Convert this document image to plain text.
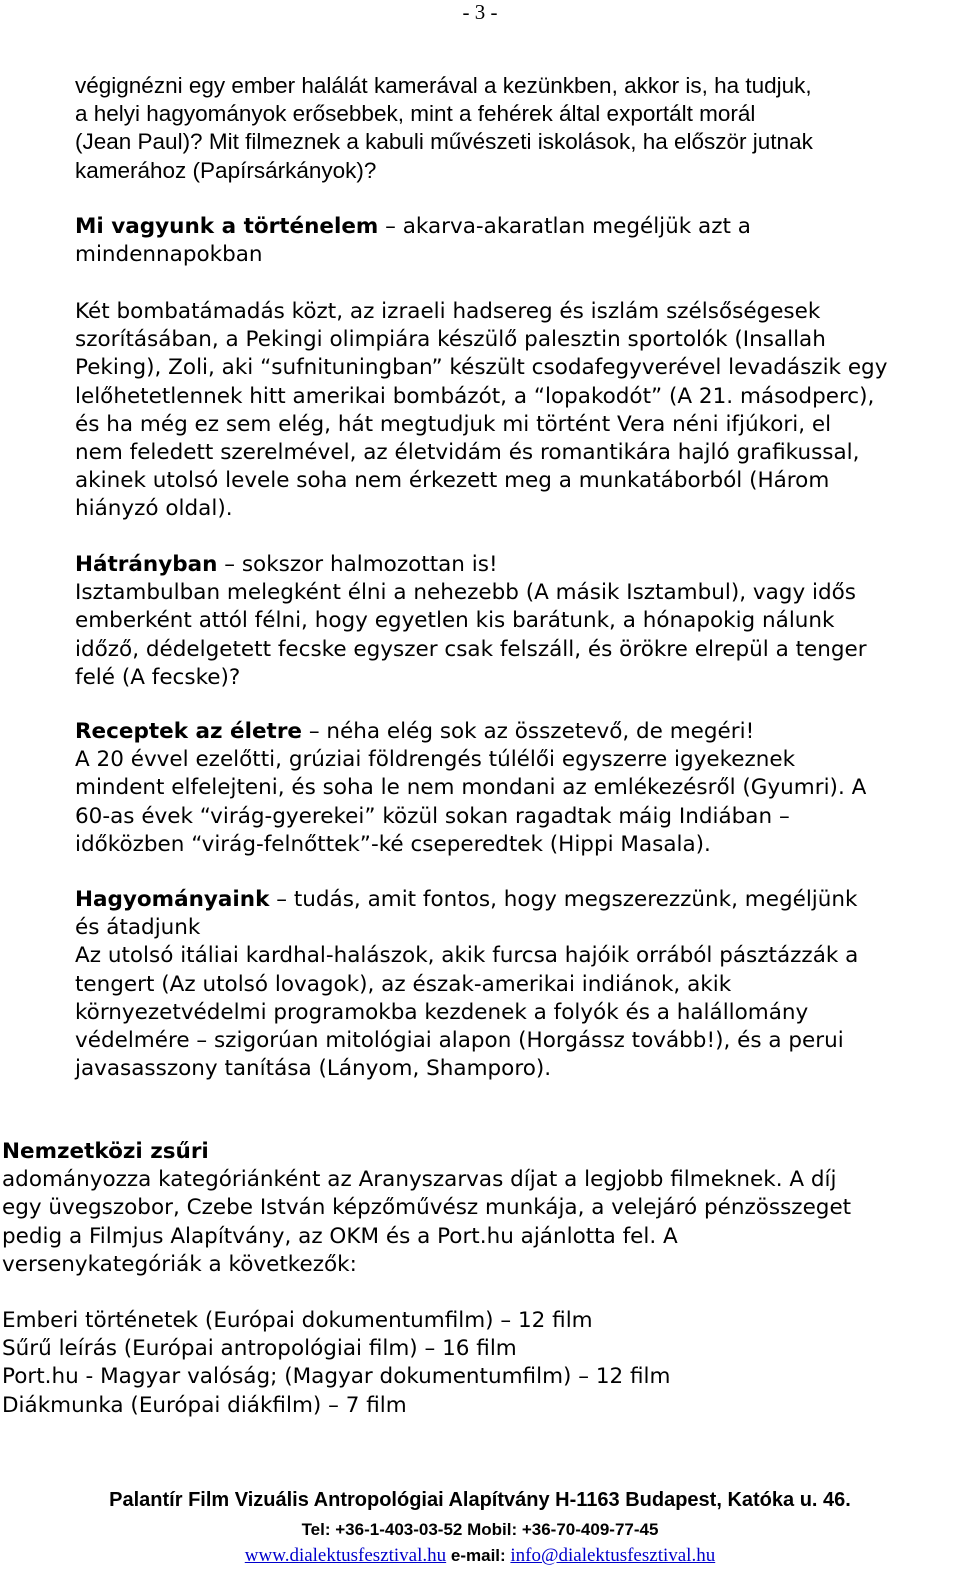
- 3 -
végignézni egy ember halálát kamerával a kezünkben, akkor is, ha tudjuk,
a helyi hagyományok erősebbek, mint a fehérek által exportált morál
(Jean Paul)? Mit filmeznek a kabuli művészeti iskolások, ha először jutnak
kamerához (Papírsárkányok)?
Mi vagyunk a történelem – akarva-akaratlan megéljük azt a
mindennapokban
Két bombatámadás közt, az izraeli hadsereg és iszlám szélsőségesek
szorításában, a Pekingi olimpiára készülő palesztin sportolók (Insallah
Peking), Zoli, aki “sufnituningban” készült csodafegyverével levadászik egy
lelőhetetlennek hitt amerikai bombázót, a “lopakodót” (A 21. másodperc),
és ha még ez sem elég, hát megtudjuk mi történt Vera néni ifjúkori, el
nem feledett szerelmével, az életvidám és romantikára hajló grafikussal,
akinek utolsó levele soha nem érkezett meg a munkatáborból (Három
hiányzó oldal).
Hátrányban – sokszor halmozottan is!
Isztambulban melegként élni a nehezebb (A másik Isztambul), vagy idős
emberként attól félni, hogy egyetlen kis barátunk, a hónapokig nálunk
időző, dédelgetett fecske egyszer csak felszáll, és örökre elrepül a tenger
felé (A fecske)?
Receptek az életre – néha elég sok az összetevő, de megéri!
A 20 évvel ezelőtti, grúziai földrengés túlélői egyszerre igyekeznek
mindent elfelejteni, és soha le nem mondani az emlékezésről (Gyumri). A
60-as évek “virág-gyerekei” közül sokan ragadtak máig Indiában –
időközben “virág-felnőttek”-ké cseperedtek (Hippi Masala).
Hagyományaink – tudás, amit fontos, hogy megszerezzünk, megéljünk
és átadjunk
Az utolsó itáliai kardhal-halászok, akik furcsa hajóik orrából pásztázzák a
tengert (Az utolsó lovagok), az észak-amerikai indiánok, akik
környezetvédelmi programokba kezdenek a folyók és a halállomány
védelmére – szigorúan mitológiai alapon (Horgássz tovább!), és a perui
javasasszony tanítása (Lányom, Shamporo).
Nemzetközi zsűri
adományozza kategóriánként az Aranyszarvas díjat a legjobb filmeknek. A díj
egy üvegszobor, Czebe István képzőművész munkája, a velejáró pénzösszeget
pedig a Filmjus Alapítvány, az OKM és a Port.hu ajánlotta fel. A
versenykategóriák a következők:
Emberi történetek (Európai dokumentumfilm) – 12 film
Sűrű leírás (Európai antropológiai film) – 16 film
Port.hu - Magyar valóság; (Magyar dokumentumfilm) – 12 film
Diákmunka (Európai diákfilm) – 7 film
Palantír Film Vizuális Antropológiai Alapítvány H-1163 Budapest, Katóka u. 46.
Tel: +36-1-403-03-52 Mobil: +36-70-409-77-45
www.dialektusfesztival.hu e-mail: info@dialektusfesztival.hu
